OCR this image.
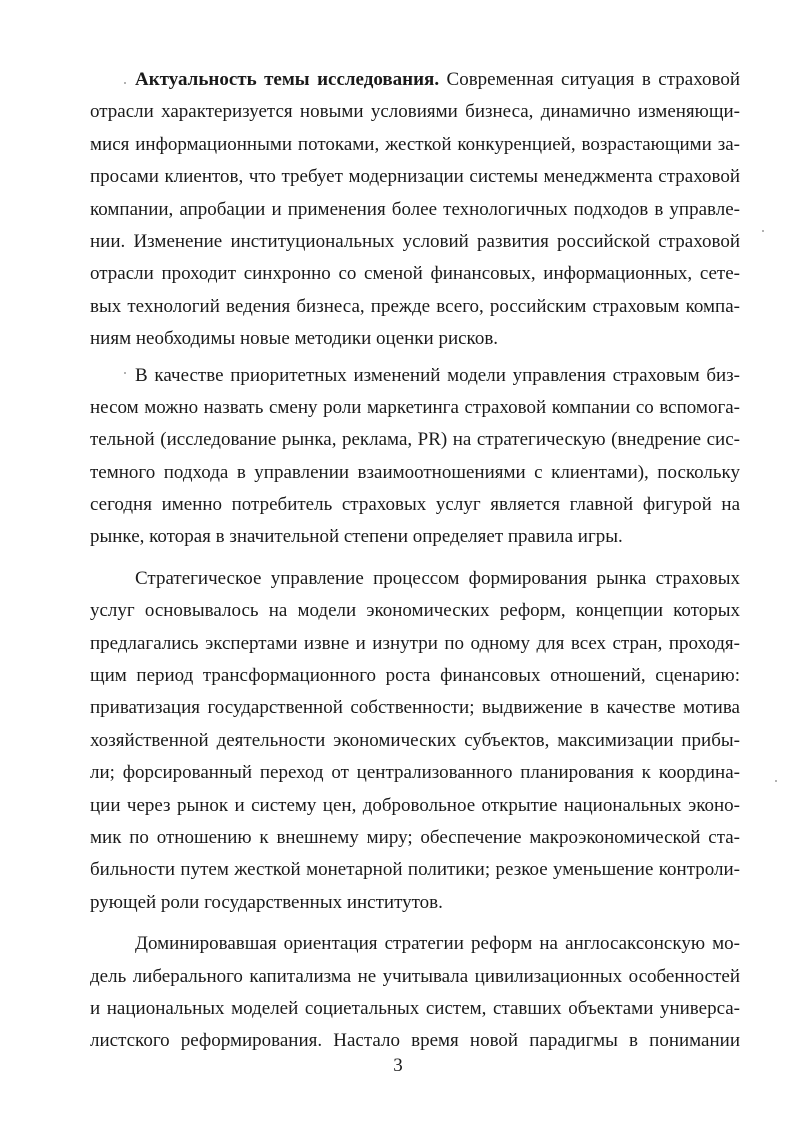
Актуальность темы исследования. Современная ситуация в страховой
отрасли характеризуется новыми условиями бизнеса, динамично изменяющи-
мися информационными потоками, жесткой конкуренцией, возрастающими за-
просами клиентов, что требует модернизации системы менеджмента страховой
компании, апробации и применения более технологичных подходов в управле-
нии. Изменение институциональных условий развития российской страховой
отрасли проходит синхронно со сменой финансовых, информационных, сете-
вых технологий ведения бизнеса, прежде всего, российским страховым компа-
ниям необходимы новые методики оценки рисков.
В качестве приоритетных изменений модели управления страховым биз-
несом можно назвать смену роли маркетинга страховой компании со вспомога-
тельной (исследование рынка, реклама, PR) на стратегическую (внедрение сис-
темного подхода в управлении взаимоотношениями с клиентами), поскольку
сегодня именно потребитель страховых услуг является главной фигурой на
рынке, которая в значительной степени определяет правила игры.
Стратегическое управление процессом формирования рынка страховых
услуг основывалось на модели экономических реформ, концепции которых
предлагались экспертами извне и изнутри по одному для всех стран, проходя-
щим период трансформационного роста финансовых отношений, сценарию:
приватизация государственной собственности; выдвижение в качестве мотива
хозяйственной деятельности экономических субъектов, максимизации прибы-
ли; форсированный переход от централизованного планирования к координа-
ции через рынок и систему цен, добровольное открытие национальных эконо-
мик по отношению к внешнему миру; обеспечение макроэкономической ста-
бильности путем жесткой монетарной политики; резкое уменьшение контроли-
рующей роли государственных институтов.
Доминировавшая ориентация стратегии реформ на англосаксонскую мо-
дель либерального капитализма не учитывала цивилизационных особенностей
и национальных моделей социетальных систем, ставших объектами универса-
листского реформирования. Настало время новой парадигмы в понимании
3
